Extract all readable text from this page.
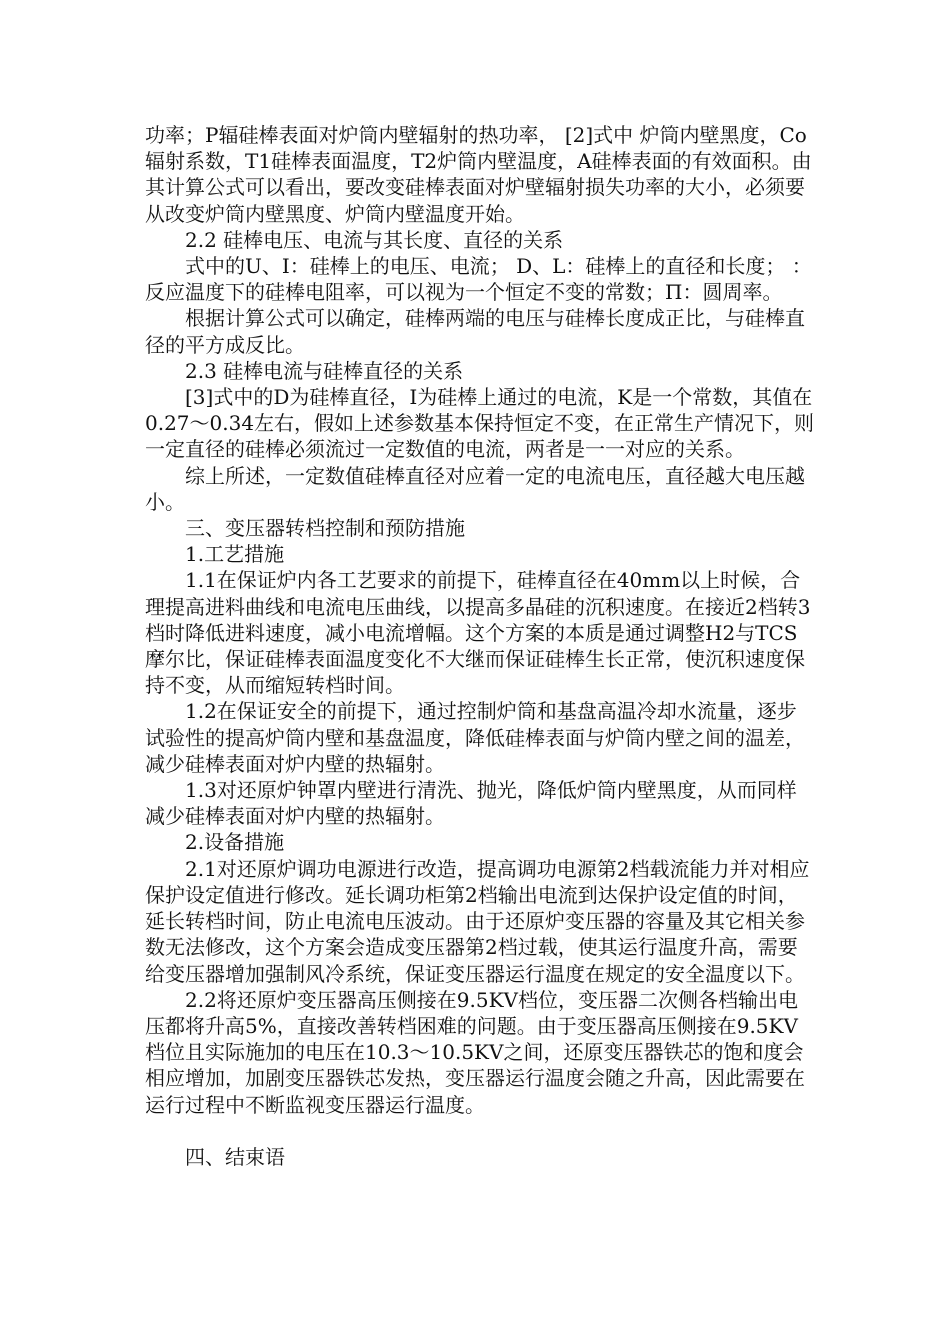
功率；P辐硅棒表面对炉筒内壁辐射的热功率， [2]式中 炉筒内壁黑度，Co辐射系数，T1硅棒表面温度，T2炉筒内壁温度，A硅棒表面的有效面积。由其计算公式可以看出，要改变硅棒表面对炉壁辐射损失功率的大小，必须要从改变炉筒内壁黑度、炉筒内壁温度开始。

2.2 硅棒电压、电流与其长度、直径的关系

式中的U、I：硅棒上的电压、电流； D、L：硅棒上的直径和长度； ：反应温度下的硅棒电阻率，可以视为一个恒定不变的常数；Π：圆周率。

根据计算公式可以确定，硅棒两端的电压与硅棒长度成正比，与硅棒直径的平方成反比。

2.3 硅棒电流与硅棒直径的关系

[3]式中的D为硅棒直径，I为硅棒上通过的电流，K是一个常数，其值在0.27～0.34左右，假如上述参数基本保持恒定不变，在正常生产情况下，则一定直径的硅棒必须流过一定数值的电流，两者是一一对应的关系。

综上所述，一定数值硅棒直径对应着一定的电流电压，直径越大电压越小。

三、变压器转档控制和预防措施

1.工艺措施

1.1在保证炉内各工艺要求的前提下，硅棒直径在40mm以上时候，合理提高进料曲线和电流电压曲线，以提高多晶硅的沉积速度。在接近2档转3档时降低进料速度，减小电流增幅。这个方案的本质是通过调整H2与TCS摩尔比，保证硅棒表面温度变化不大继而保证硅棒生长正常，使沉积速度保持不变，从而缩短转档时间。

1.2在保证安全的前提下，通过控制炉筒和基盘高温冷却水流量，逐步试验性的提高炉筒内壁和基盘温度，降低硅棒表面与炉筒内壁之间的温差，减少硅棒表面对炉内壁的热辐射。

1.3对还原炉钟罩内壁进行清洗、抛光，降低炉筒内壁黑度，从而同样减少硅棒表面对炉内壁的热辐射。

2.设备措施

2.1对还原炉调功电源进行改造，提高调功电源第2档载流能力并对相应保护设定值进行修改。延长调功柜第2档输出电流到达保护设定值的时间，延长转档时间，防止电流电压波动。由于还原炉变压器的容量及其它相关参数无法修改，这个方案会造成变压器第2档过载，使其运行温度升高，需要给变压器增加强制风冷系统，保证变压器运行温度在规定的安全温度以下。

2.2将还原炉变压器高压侧接在9.5KV档位，变压器二次侧各档输出电压都将升高5%，直接改善转档困难的问题。由于变压器高压侧接在9.5KV档位且实际施加的电压在10.3～10.5KV之间，还原变压器铁芯的饱和度会相应增加，加剧变压器铁芯发热，变压器运行温度会随之升高，因此需要在运行过程中不断监视变压器运行温度。

四、结束语
